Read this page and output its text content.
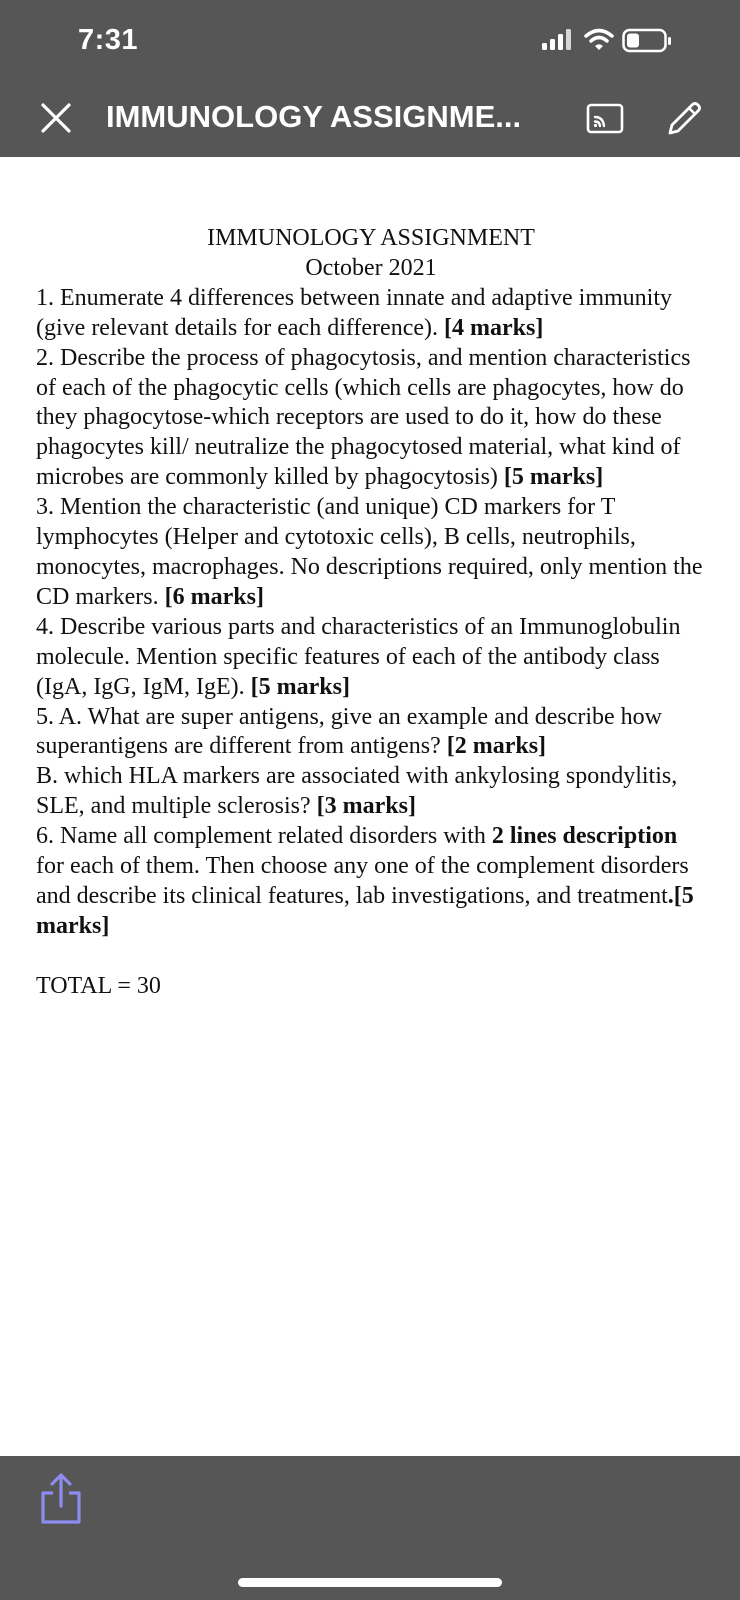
7:31
IMMUNOLOGY ASSIGNME...
IMMUNOLOGY ASSIGNMENT
October 2021
1. Enumerate 4 differences between innate and adaptive immunity (give relevant details for each difference). [4 marks]
2. Describe the process of phagocytosis, and mention characteristics of each of the phagocytic cells (which cells are phagocytes, how do they phagocytose-which receptors are used to do it, how do these phagocytes kill/ neutralize the phagocytosed material, what kind of microbes are commonly killed by phagocytosis) [5 marks]
3. Mention the characteristic (and unique) CD markers for T lymphocytes (Helper and cytotoxic cells), B cells, neutrophils, monocytes, macrophages. No descriptions required, only mention the CD markers. [6 marks]
4. Describe various parts and characteristics of an Immunoglobulin molecule. Mention specific features of each of the antibody class (IgA, IgG, IgM, IgE). [5 marks]
5. A. What are super antigens, give an example and describe how superantigens are different from antigens? [2 marks]
B. which HLA markers are associated with ankylosing spondylitis, SLE, and multiple sclerosis? [3 marks]
6. Name all complement related disorders with 2 lines description for each of them. Then choose any one of the complement disorders and describe its clinical features, lab investigations, and treatment.[5 marks]
TOTAL = 30
